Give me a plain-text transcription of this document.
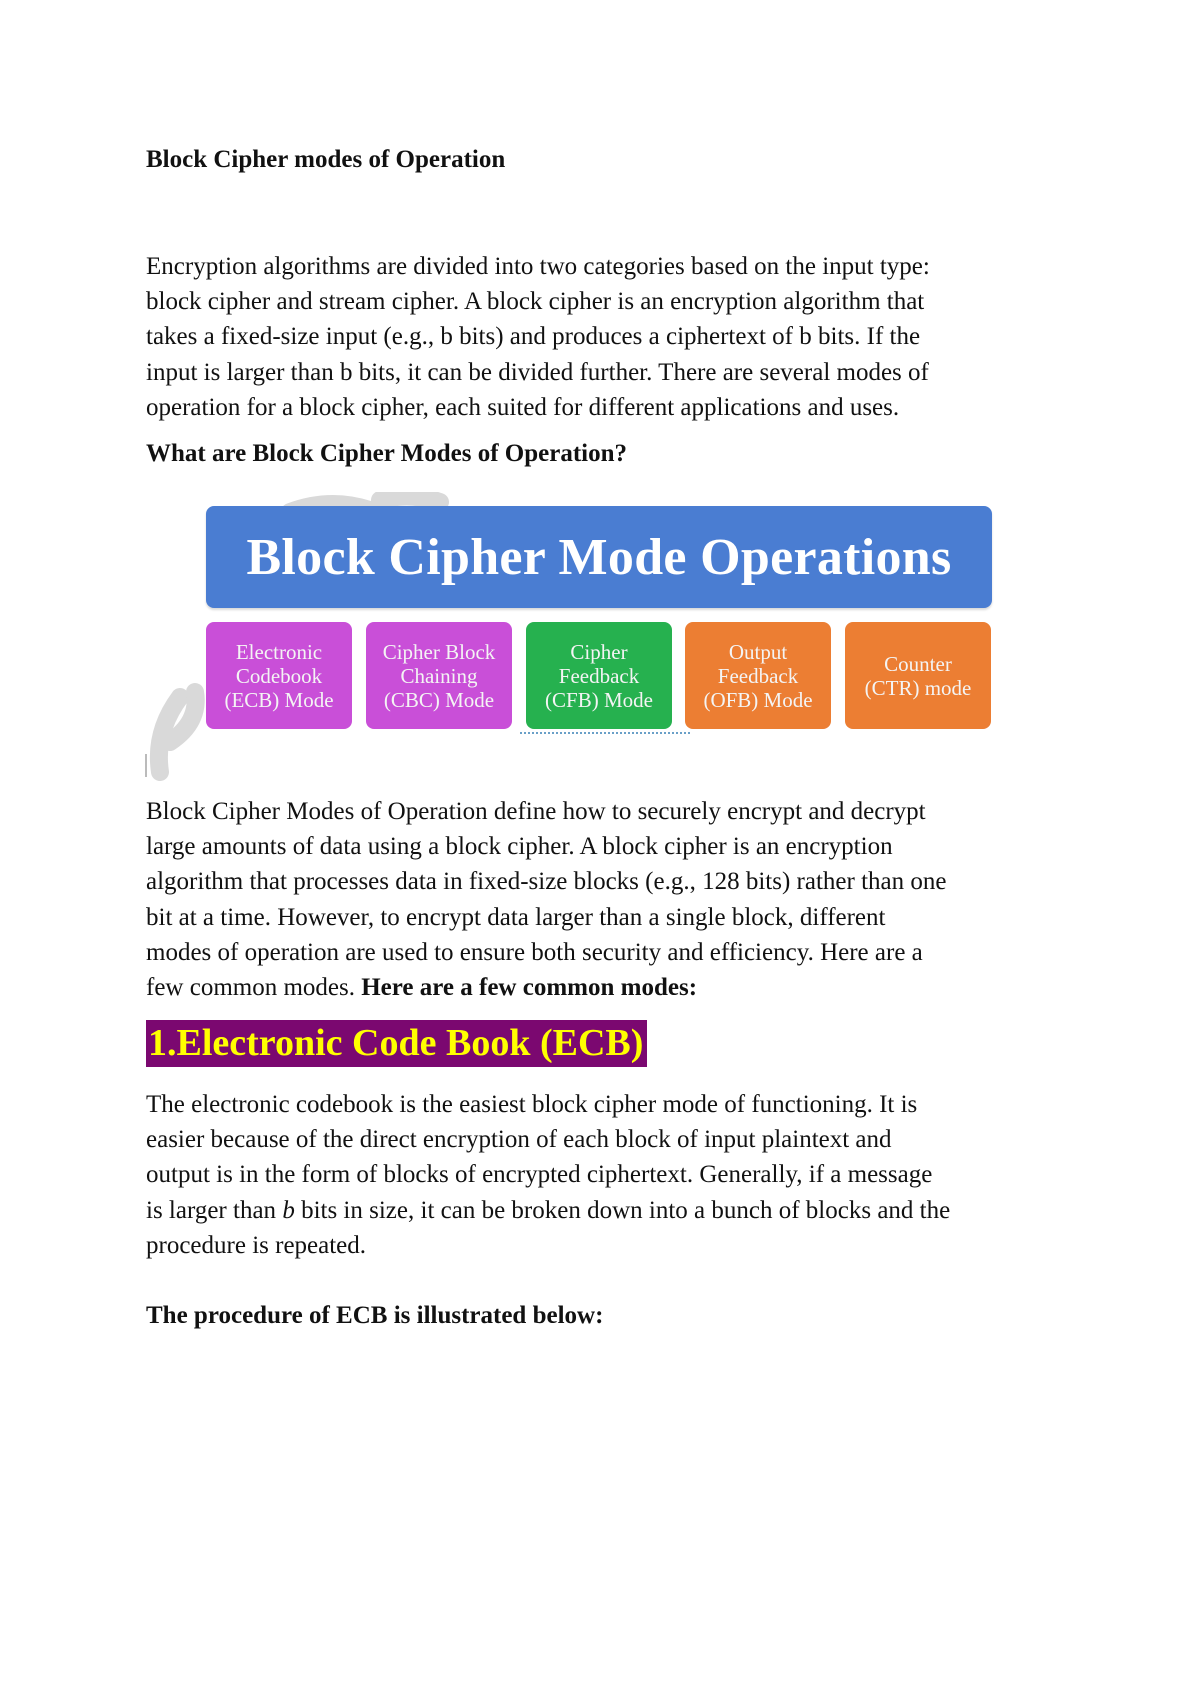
Block Cipher modes of Operation

Encryption algorithms are divided into two categories based on the input type:
block cipher and stream cipher. A block cipher is an encryption algorithm that
takes a fixed-size input (e.g., b bits) and produces a ciphertext of b bits. If the
input is larger than b bits, it can be divided further. There are several modes of
operation for a block cipher, each suited for different applications and uses.

What are Block Cipher Modes of Operation?
Block Cipher Mode Operations
Electronic
Codebook
(ECB) Mode
Cipher Block
Chaining
(CBC) Mode
Cipher
Feedback
(CFB) Mode
Output
Feedback
(OFB) Mode
Counter
(CTR) mode

Block Cipher Modes of Operation define how to securely encrypt and decrypt
large amounts of data using a block cipher. A block cipher is an encryption
algorithm that processes data in fixed-size blocks (e.g., 128 bits) rather than one
bit at a time. However, to encrypt data larger than a single block, different
modes of operation are used to ensure both security and efficiency. Here are a
few common modes. Here are a few common modes:

1.Electronic Code Book (ECB)

The electronic codebook is the easiest block cipher mode of functioning. It is
easier because of the direct encryption of each block of input plaintext and
output is in the form of blocks of encrypted ciphertext. Generally, if a message
is larger than b bits in size, it can be broken down into a bunch of blocks and the
procedure is repeated.

The procedure of ECB is illustrated below:
